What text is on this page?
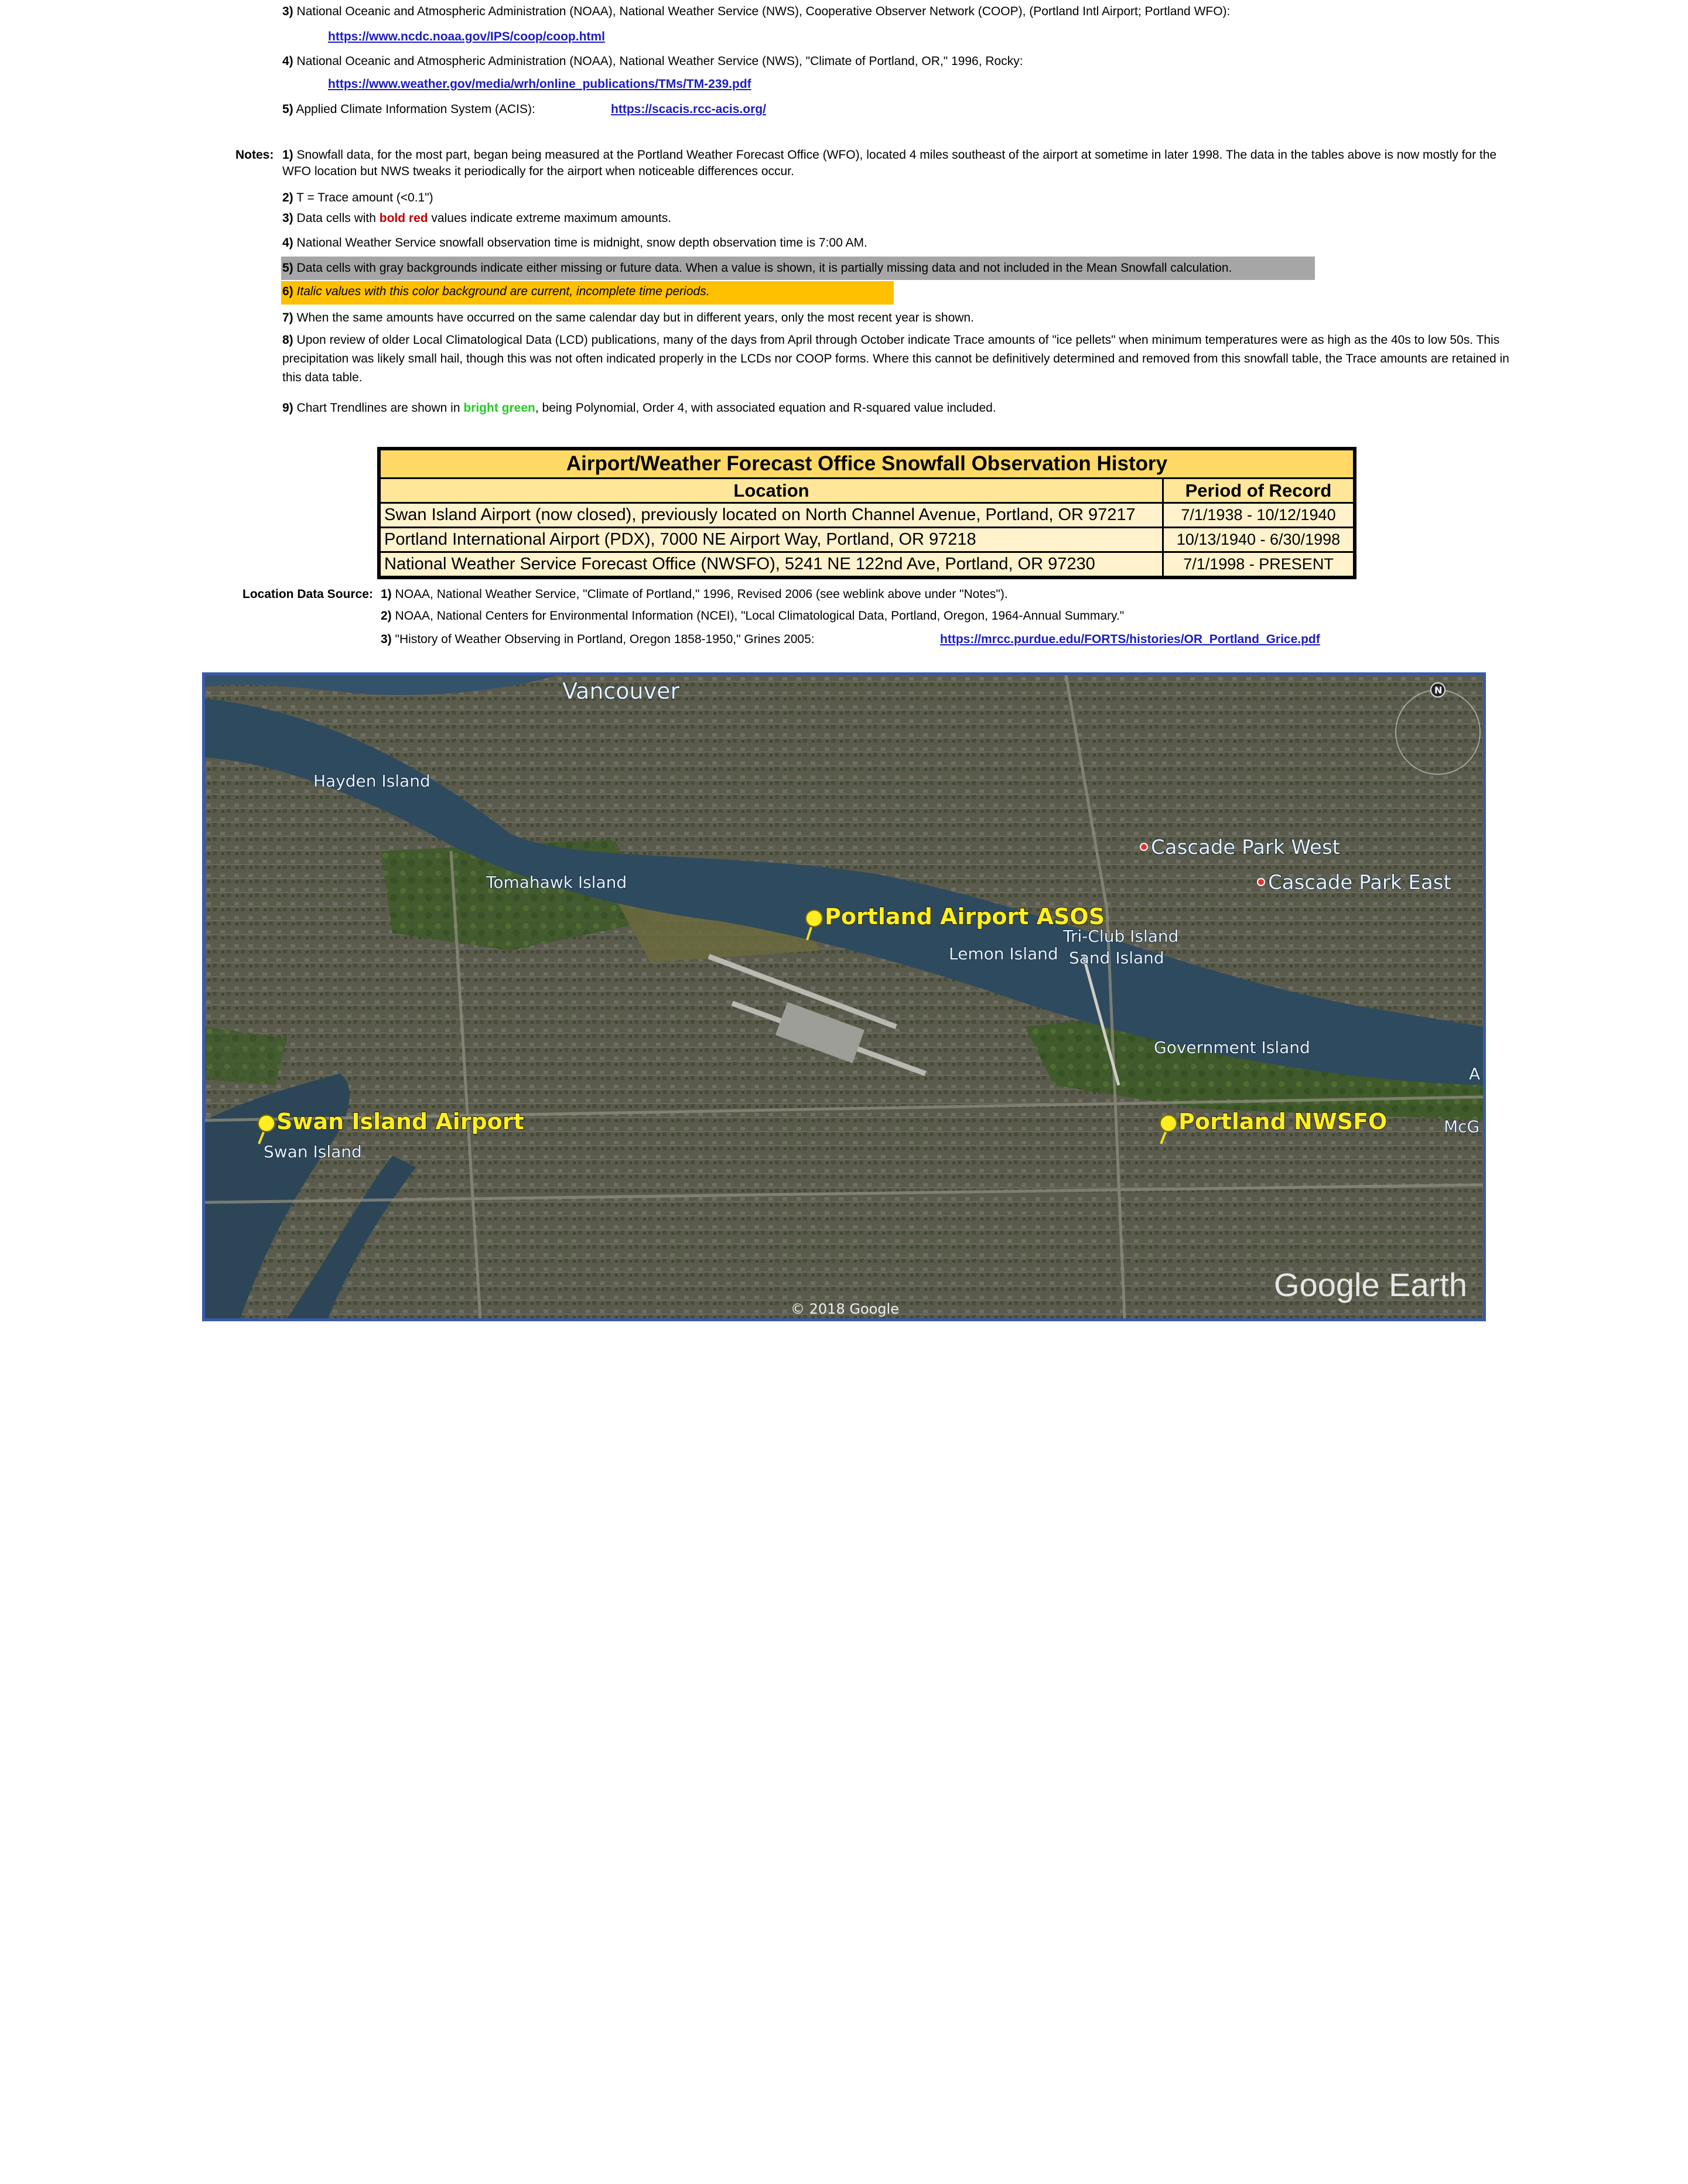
3) National Oceanic and Atmospheric Administration (NOAA), National Weather Service (NWS), Cooperative Observer Network (COOP), (Portland Intl Airport; Portland WFO):
https://www.ncdc.noaa.gov/IPS/coop/coop.html
4) National Oceanic and Atmospheric Administration (NOAA), National Weather Service (NWS), "Climate of Portland, OR," 1996, Rocky:
https://www.weather.gov/media/wrh/online_publications/TMs/TM-239.pdf
5) Applied Climate Information System (ACIS):	https://scacis.rcc-acis.org/
Notes: 1) Snowfall data, for the most part, began being measured at the Portland Weather Forecast Office (WFO), located 4 miles southeast of the airport at sometime in later 1998. The data in the tables above is now mostly for the WFO location but NWS tweaks it periodically for the airport when noticeable differences occur.
2) T = Trace amount (<0.1")
3) Data cells with bold red values indicate extreme maximum amounts.
4) National Weather Service snowfall observation time is midnight, snow depth observation time is 7:00 AM.
5) Data cells with gray backgrounds indicate either missing or future data. When a value is shown, it is partially missing data and not included in the Mean Snowfall calculation.
6) Italic values with this color background are current, incomplete time periods.
7) When the same amounts have occurred on the same calendar day but in different years, only the most recent year is shown.
8) Upon review of older Local Climatological Data (LCD) publications, many of the days from April through October indicate Trace amounts of "ice pellets" when minimum temperatures were as high as the 40s to low 50s. This precipitation was likely small hail, though this was not often indicated properly in the LCDs nor COOP forms. Where this cannot be definitively determined and removed from this snowfall table, the Trace amounts are retained in this data table.
9) Chart Trendlines are shown in bright green, being Polynomial, Order 4, with associated equation and R-squared value included.
Airport/Weather Forecast Office Snowfall Observation History	
Location	Period of Record
Swan Island Airport (now closed), previously located on North Channel Avenue, Portland, OR 97217	7/1/1938 - 10/12/1940
Portland International Airport (PDX), 7000 NE Airport Way, Portland, OR 97218	10/13/1940 - 6/30/1998
National Weather Service Forecast Office (NWSFO), 5241 NE 122nd Ave, Portland, OR 97230	7/1/1998 - PRESENT
Location Data Source: 1) NOAA, National Weather Service, "Climate of Portland," 1996, Revised 2006 (see weblink above under "Notes").
2) NOAA, National Centers for Environmental Information (NCEI), "Local Climatological Data, Portland, Oregon, 1964-Annual Summary."
3) "History of Weather Observing in Portland, Oregon 1858-1950," Grines 2005:	https://mrcc.purdue.edu/FORTS/histories/OR_Portland_Grice.pdf
Vancouver
Hayden Island
Tomahawk Island
Cascade Park West
Cascade Park East
Tri-Club Island
Sand Island
Lemon Island
Government Island
Swan Island
McG
A
N
Portland Airport ASOS
Swan Island Airport	Portland NWSFO
© 2018 Google
Google Earth
